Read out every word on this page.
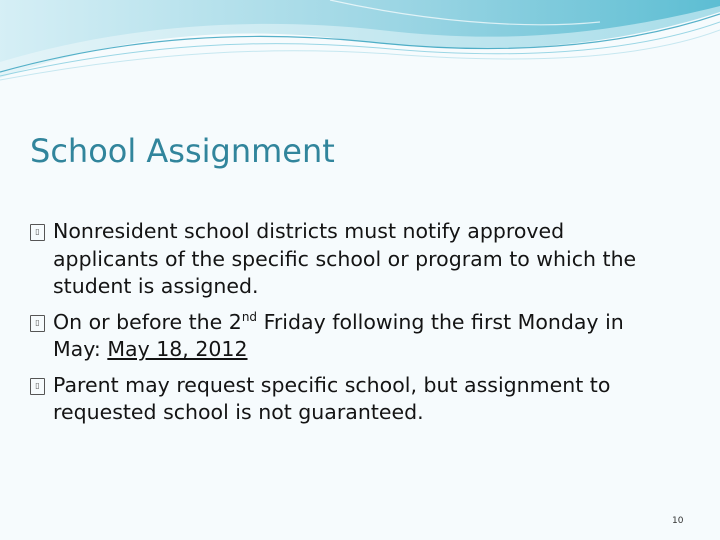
School Assignment
▯ Nonresident school districts must notify approved applicants of the specific school or program to which the student is assigned.
▯ On or before the 2nd Friday following the first Monday in May: May 18, 2012
▯ Parent may request specific school, but assignment to requested school is not guaranteed.
10
